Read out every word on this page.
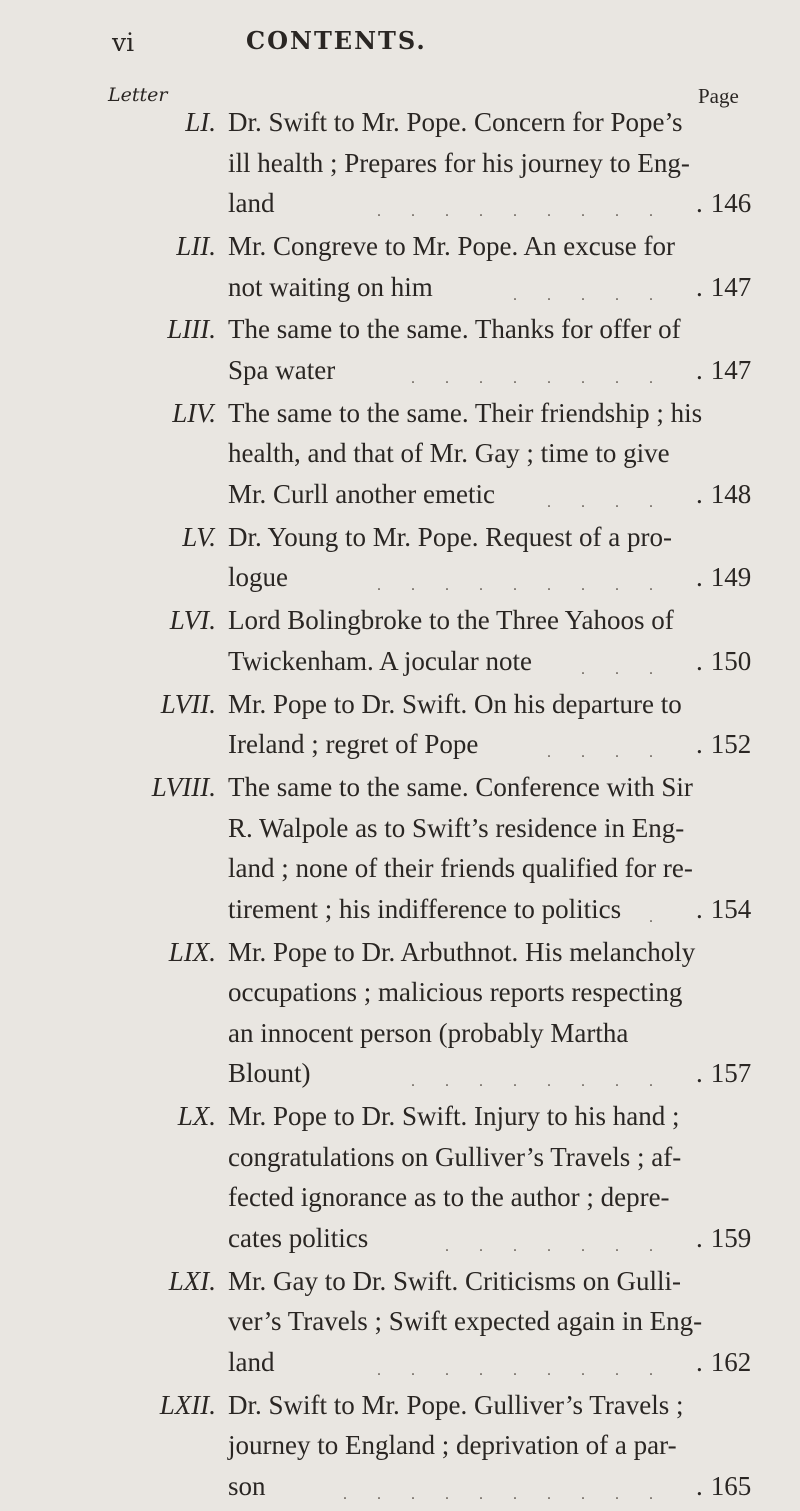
vi	CONTENTS.
Letter	Page
LI. Dr. Swift to Mr. Pope. Concern for Pope’s
ill health ; Prepares for his journey to Eng-
land	......... . 146
LII. Mr. Congreve to Mr. Pope. An excuse for
not waiting on him	..... . 147
LIII. The same to the same. Thanks for offer of
Spa water	........ . 147
LIV. The same to the same. Their friendship ; his
health, and that of Mr. Gay ; time to give
Mr. Curll another emetic	.... . 148
LV. Dr. Young to Mr. Pope. Request of a pro-
logue	......... . 149
LVI. Lord Bolingbroke to the Three Yahoos of
Twickenham. A jocular note	... . 150
LVII. Mr. Pope to Dr. Swift. On his departure to
Ireland ; regret of Pope	.... . 152
LVIII. The same to the same. Conference with Sir
R. Walpole as to Swift’s residence in Eng-
land ; none of their friends qualified for re-
tirement ; his indifference to politics	. . 154
LIX. Mr. Pope to Dr. Arbuthnot. His melancholy
occupations ; malicious reports respecting
an innocent person (probably Martha
Blount)	........ . 157
LX. Mr. Pope to Dr. Swift. Injury to his hand ;
congratulations on Gulliver’s Travels ; af-
fected ignorance as to the author ; depre-
cates politics	....... . 159
LXI. Mr. Gay to Dr. Swift. Criticisms on Gulli-
ver’s Travels ; Swift expected again in Eng-
land	......... . 162
LXII. Dr. Swift to Mr. Pope. Gulliver’s Travels ;
journey to England ; deprivation of a par-
son	.......... . 165
